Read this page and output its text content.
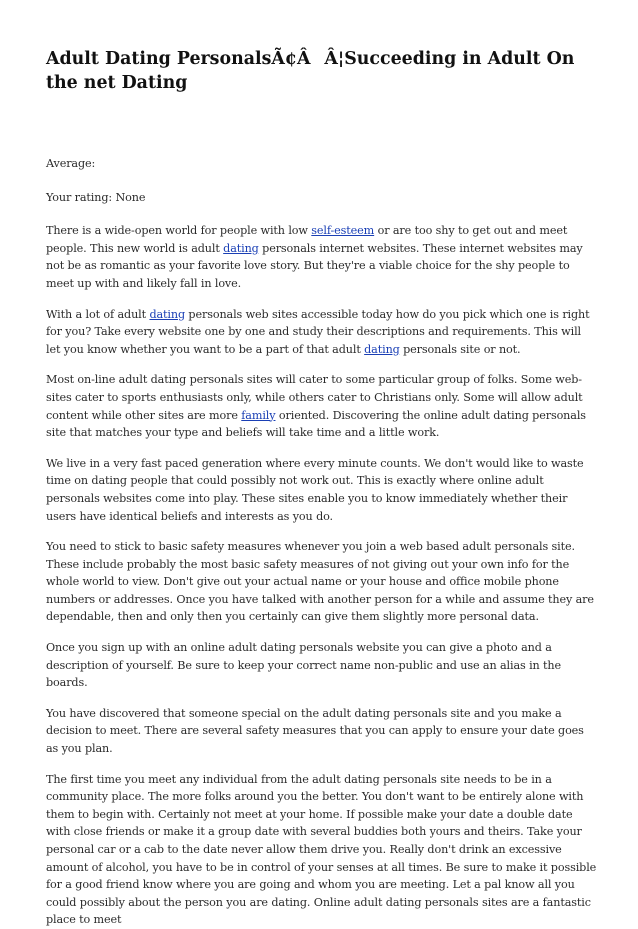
Adult Dating PersonalsÃ¢ÂÂ¦Succeeding in Adult On the net Dating

Average:

Your rating: None

There is a wide-open world for people with low self-esteem or are too shy to get out and meet people. This new world is adult dating personals internet websites. These internet websites may not be as romantic as your favorite love story. But they're a viable choice for the shy people to meet up with and likely fall in love.

With a lot of adult dating personals web sites accessible today how do you pick which one is right for you? Take every website one by one and study their descriptions and requirements. This will let you know whether you want to be a part of that adult dating personals site or not.

Most on-line adult dating personals sites will cater to some particular group of folks. Some web-sites cater to sports enthusiasts only, while others cater to Christians only. Some will allow adult content while other sites are more family oriented. Discovering the online adult dating personals site that matches your type and beliefs will take time and a little work.

We live in a very fast paced generation where every minute counts. We don't would like to waste time on dating people that could possibly not work out. This is exactly where online adult personals websites come into play. These sites enable you to know immediately whether their users have identical beliefs and interests as you do.

You need to stick to basic safety measures whenever you join a web based adult personals site. These include probably the most basic safety measures of not giving out your own info for the whole world to view. Don't give out your actual name or your house and office mobile phone numbers or addresses. Once you have talked with another person for a while and assume they are dependable, then and only then you certainly can give them slightly more personal data.

Once you sign up with an online adult dating personals website you can give a photo and a description of yourself. Be sure to keep your correct name non-public and use an alias in the boards.

You have discovered that someone special on the adult dating personals site and you make a decision to meet. There are several safety measures that you can apply to ensure your date goes as you plan.

The first time you meet any individual from the adult dating personals site needs to be in a community place. The more folks around you the better. You don't want to be entirely alone with them to begin with. Certainly not meet at your home. If possible make your date a double date with close friends or make it a group date with several buddies both yours and theirs. Take your personal car or a cab to the date never allow them drive you. Really don't drink an excessive amount of alcohol, you have to be in control of your senses at all times. Be sure to make it possible for a good friend know where you are going and whom you are meeting. Let a pal know all you could possibly about the person you are dating. Online adult dating personals sites are a fantastic place to meet
